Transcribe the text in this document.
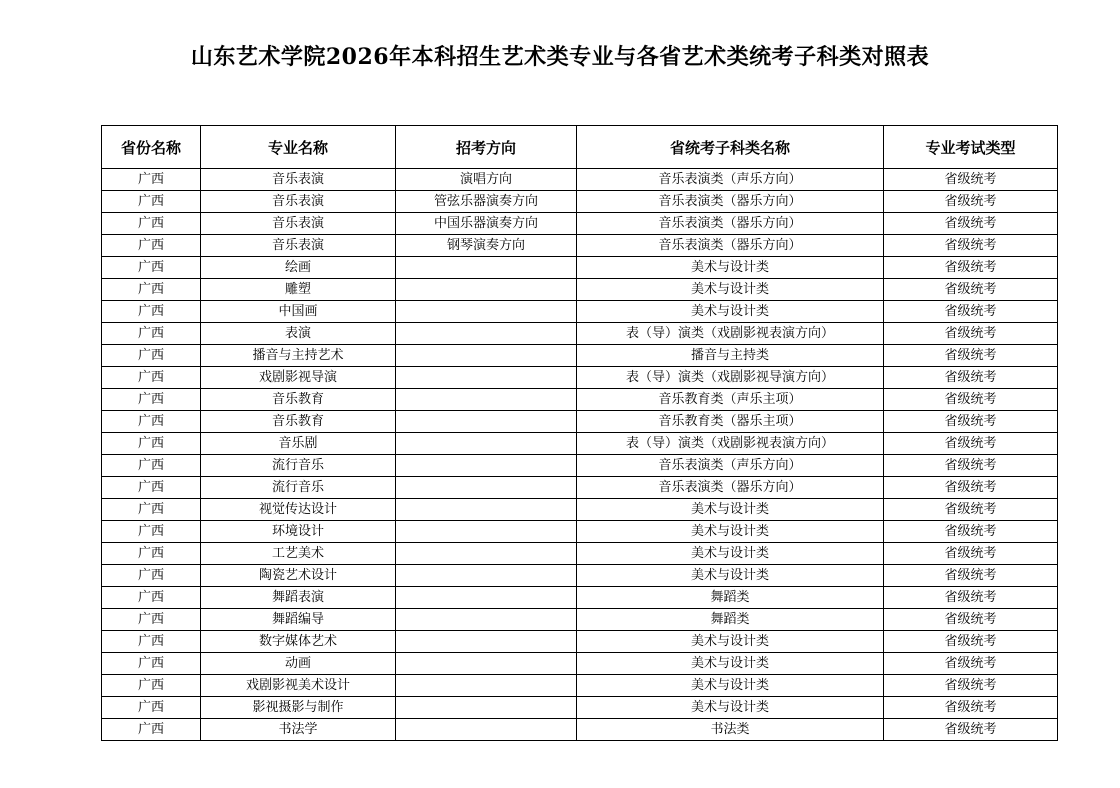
山东艺术学院2026年本科招生艺术类专业与各省艺术类统考子科类对照表
省份名称	专业名称	招考方向	省统考子科类名称	专业考试类型
广西	音乐表演	演唱方向	音乐表演类（声乐方向）	省级统考
广西	音乐表演	管弦乐器演奏方向	音乐表演类（器乐方向）	省级统考
广西	音乐表演	中国乐器演奏方向	音乐表演类（器乐方向）	省级统考
广西	音乐表演	钢琴演奏方向	音乐表演类（器乐方向）	省级统考
广西	绘画		美术与设计类	省级统考
广西	雕塑		美术与设计类	省级统考
广西	中国画		美术与设计类	省级统考
广西	表演		表（导）演类（戏剧影视表演方向）	省级统考
广西	播音与主持艺术		播音与主持类	省级统考
广西	戏剧影视导演		表（导）演类（戏剧影视导演方向）	省级统考
广西	音乐教育		音乐教育类（声乐主项）	省级统考
广西	音乐教育		音乐教育类（器乐主项）	省级统考
广西	音乐剧		表（导）演类（戏剧影视表演方向）	省级统考
广西	流行音乐		音乐表演类（声乐方向）	省级统考
广西	流行音乐		音乐表演类（器乐方向）	省级统考
广西	视觉传达设计		美术与设计类	省级统考
广西	环境设计		美术与设计类	省级统考
广西	工艺美术		美术与设计类	省级统考
广西	陶瓷艺术设计		美术与设计类	省级统考
广西	舞蹈表演		舞蹈类	省级统考
广西	舞蹈编导		舞蹈类	省级统考
广西	数字媒体艺术		美术与设计类	省级统考
广西	动画		美术与设计类	省级统考
广西	戏剧影视美术设计		美术与设计类	省级统考
广西	影视摄影与制作		美术与设计类	省级统考
广西	书法学		书法类	省级统考
